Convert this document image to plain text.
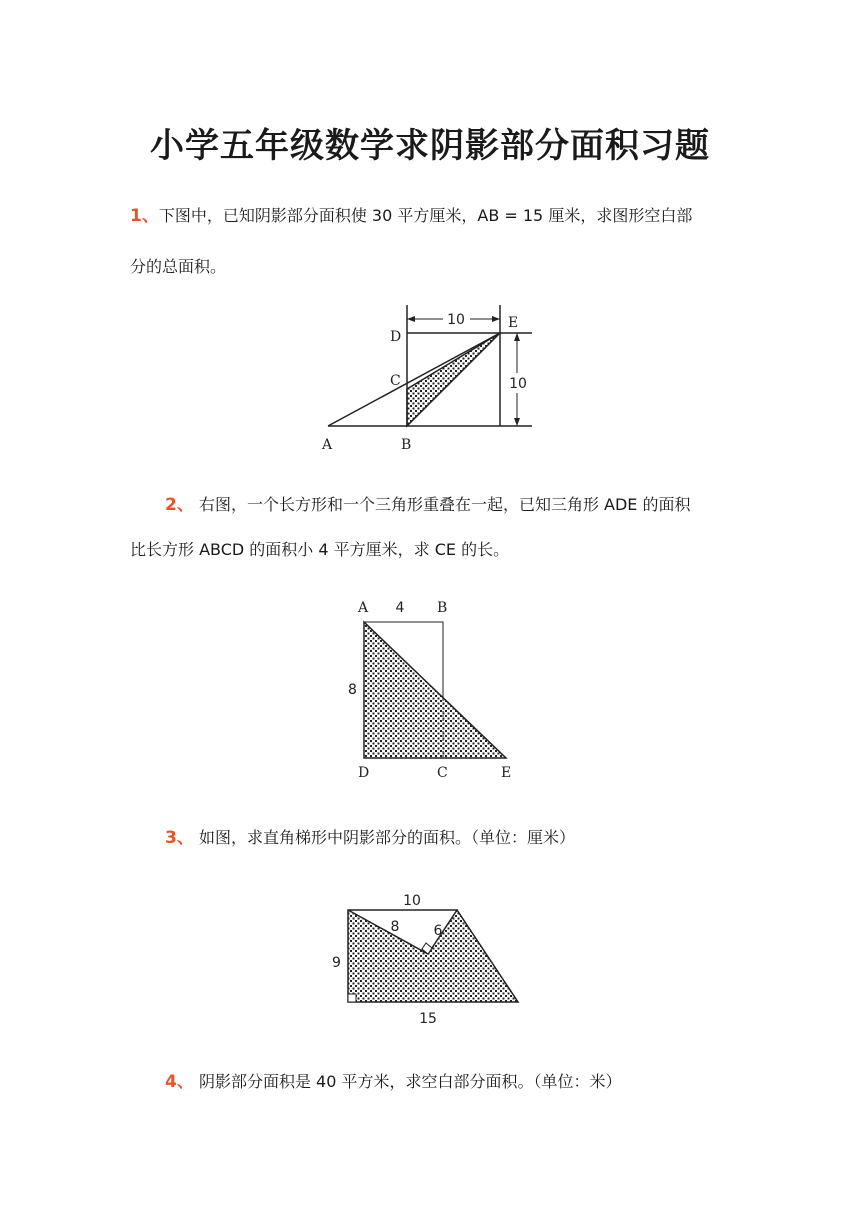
小学五年级数学求阴影部分面积习题
1、下图中，已知阴影部分面积使 30 平方厘米，AB = 15 厘米，求图形空白部
分的总面积。
10
10
D
C
E
A	B
2、 右图，一个长方形和一个三角形重叠在一起，已知三角形 ADE 的面积
比长方形 ABCD 的面积小 4 平方厘米，求 CE 的长。
A 4 B
8
D	C	E
3、 如图，求直角梯形中阴影部分的面积。（单位：厘米）
10
8 6
9
15
4、 阴影部分面积是 40 平方米，求空白部分面积。（单位：米）
